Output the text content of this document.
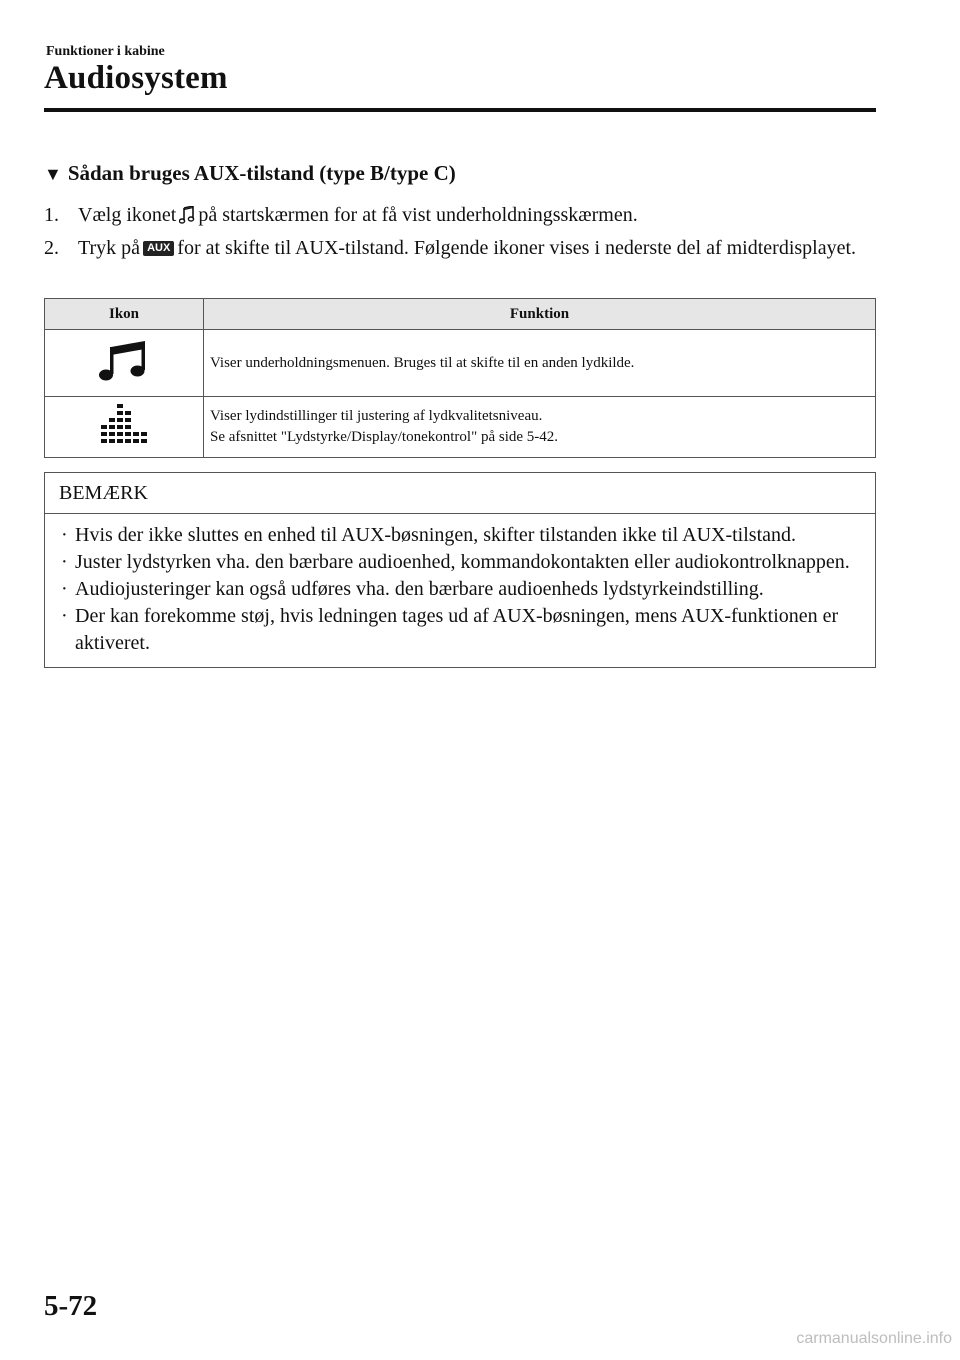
Funktioner i kabine
Audiosystem
▼ Sådan bruges AUX-tilstand (type B/type C)
1. Vælg ikonet på startskærmen for at få vist underholdningsskærmen.
2. Tryk på AUX for at skifte til AUX-tilstand. Følgende ikoner vises i nederste del af midterdisplayet.
Ikon	Funktion

Viser underholdningsmenuen. Bruges til at skifte til en anden lydkilde.

Viser lydindstillinger til justering af lydkvalitetsniveau.
Se afsnittet "Lydstyrke/Display/tonekontrol" på side 5-42.
BEMÆRK
· Hvis der ikke sluttes en enhed til AUX-bøsningen, skifter tilstanden ikke til AUX-tilstand.
· Juster lydstyrken vha. den bærbare audioenhed, kommandokontakten eller audiokontrolknappen.
· Audiojusteringer kan også udføres vha. den bærbare audioenheds lydstyrkeindstilling.
· Der kan forekomme støj, hvis ledningen tages ud af AUX-bøsningen, mens AUX-funktionen er aktiveret.
5-72
carmanualsonline.info
